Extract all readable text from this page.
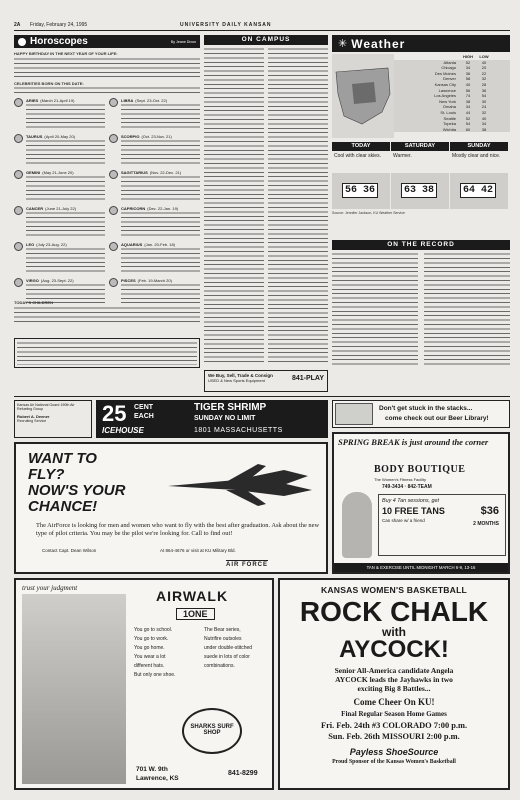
2A Friday, February 24, 1995	UNIVERSITY DAILY KANSAN
Horoscopes	By Jeane Dixon
HAPPY BIRTHDAY IN THE NEXT YEAR OF YOUR LIFE:
CELEBRITIES BORN ON THIS DATE:
ARIES (March 21-April 19)
TAURUS (April 20-May 20)
GEMINI (May 21-June 20)
CANCER (June 21-July 22)
LEO (July 23-Aug. 22)
VIRGO (Aug. 23-Sept. 22)
LIBRA (Sept. 23-Oct. 22)
SCORPIO (Oct. 23-Nov. 21)
SAGITTARIUS (Nov. 22-Dec. 21)
CAPRICORN (Dec. 22-Jan. 19)
AQUARIUS (Jan. 20-Feb. 18)
PISCES (Feb. 19-March 20)
TODAY'S CHILDREN
ON CAMPUS	✳ Weather
HIGH	LOW
Atlanta	52	40
Chicago	34	20
Des Moines	36	22
Denver	58	32
Kansas City	40	28
Lawrence	56	36
Los Angeles	74	54
New York	38	30
Omaha	34	24
St. Louis	44	32
Seattle	52	40
Topeka	54	34
Wichita	60	38
TODAY
Cool with clear skies.
56 36
SATURDAY
Warmer.
63 38
SUNDAY
Mostly clear and nice.
64 42
Source: Jennifer Jackson, KU Weather Service
ON THE RECORD
We Buy, Sell, Trade & Consign
USED & New Sports Equipment	841-PLAY
Kansas Air National Guard 190th Air Refueling Group
Robert A. Deener
Recruiting Service	25 CENT
EACH
ICEHOUSE
TIGER SHRIMP
SUNDAY NO LIMIT
1801 MASSACHUSETTS
Don't get stuck in the stacks...
come check out our Beer Library!
WANT TO
FLY?
NOW'S YOUR
CHANCE!
The AirForce is looking for men and women who want to fly with the best after graduation. Ask about the new type of pilot criteria. You may be the pilot we're looking for. Call to find out!
Contact Capt. Dean Wilson	At 864-4676 or visit at KU Military Bld.
AIR FORCE
SPRING BREAK is just around the corner
BODY BOUTIQUE
The Women's Fitness Facility
749-3434 · 842-TEAM
Buy 4 Tan sessions, get
10 FREE TANS
Can share w/ a friend
$36
2 MONTHS
TAN & EXERCISE UNTIL MIDNIGHT MARCH 6-9, 13-16
trust your judgment	AIRWALK
1ONE
You go to school.
You go to work.
You go home.
You wear a lot
different hats.
But only one shoe.
The Bear series,
Nutrifire outsoles
under double-stitched
suede in lots of color
combinations.
SHARKS SURF SHOP
701 W. 9th
Lawrence, KS
841-8299
KANSAS WOMEN'S BASKETBALL
ROCK CHALK
with
AYCOCK!
Senior All-America candidate Angela
AYCOCK leads the Jayhawks in two
exciting Big 8 Battles...
Come Cheer On KU!
Final Regular Season Home Games
Fri. Feb. 24th #3 COLORADO 7:00 p.m.
Sun. Feb. 26th MISSOURI 2:00 p.m.
Payless ShoeSource
Proud Sponsor of the Kansas Women's Basketball
